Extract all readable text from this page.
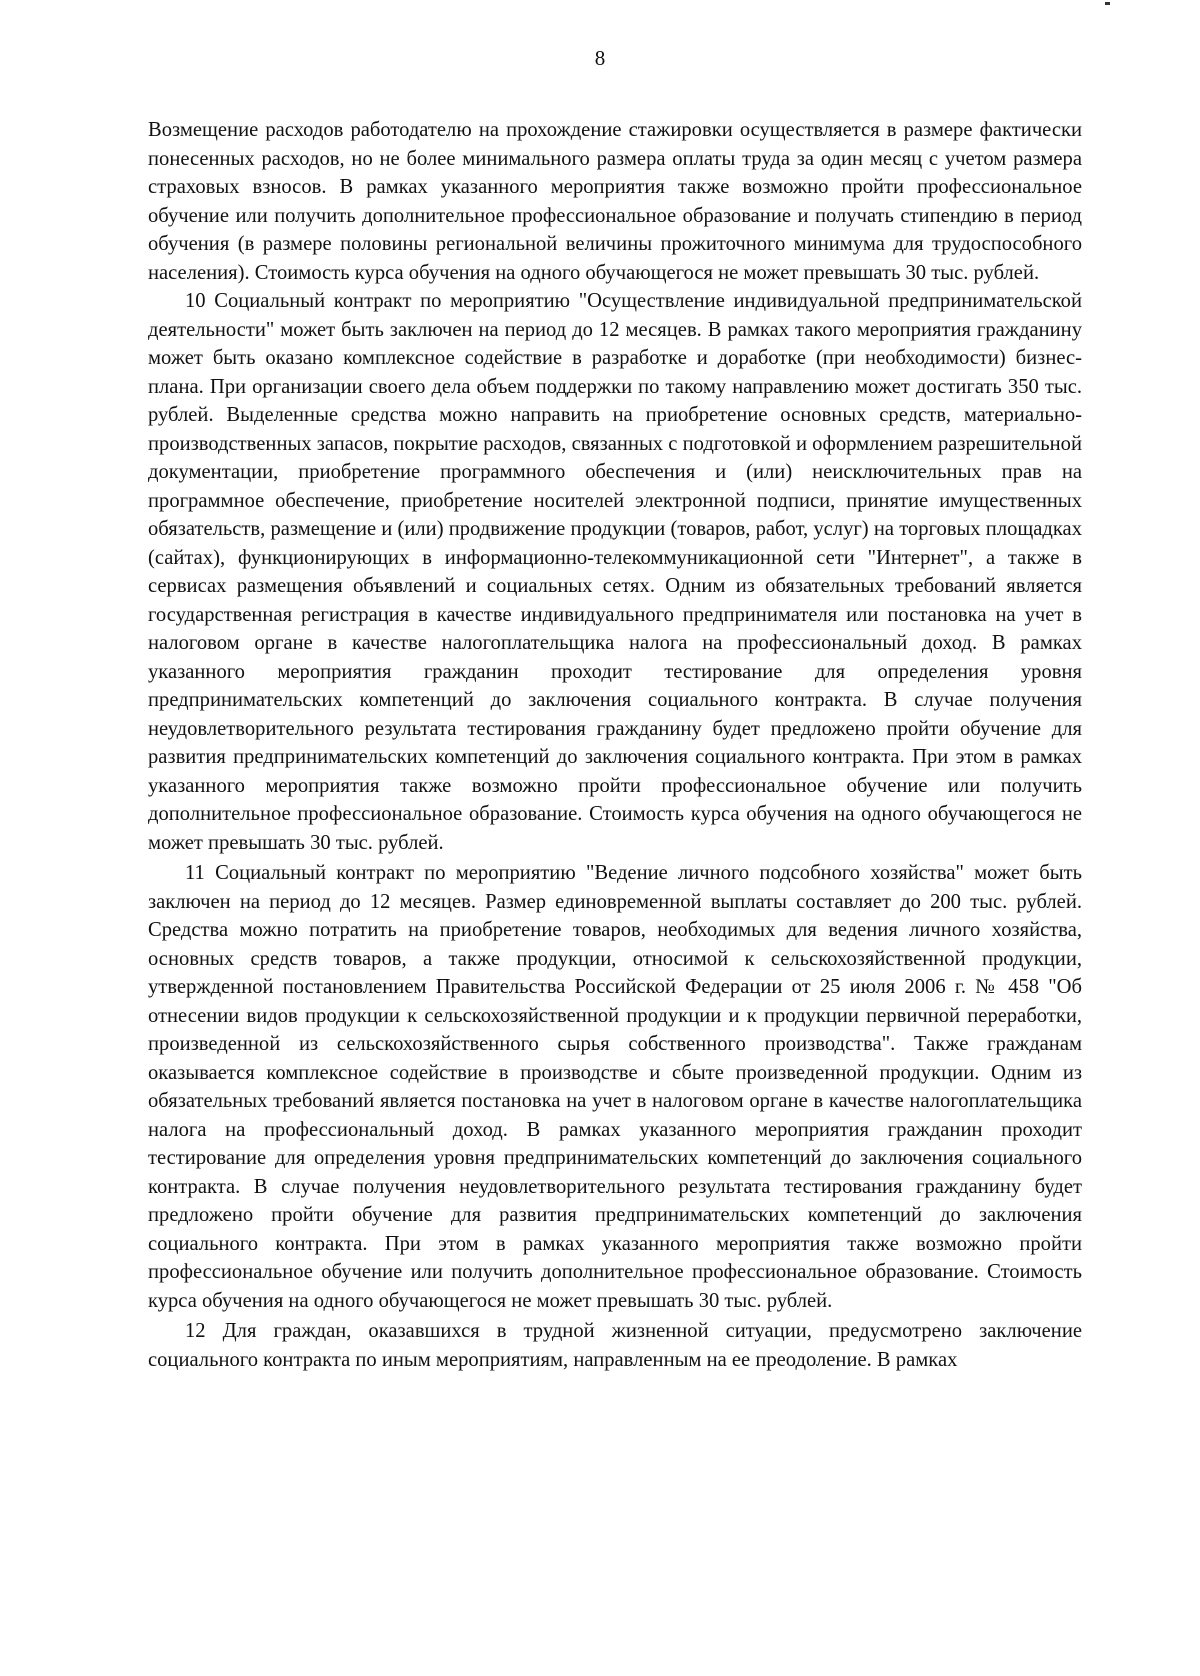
8

Возмещение расходов работодателю на прохождение стажировки осуществляется в размере фактически понесенных расходов, но не более минимального размера оплаты труда за один месяц с учетом размера страховых взносов. В рамках указанного мероприятия также возможно пройти профессиональное обучение или получить дополнительное профессиональное образование и получать стипендию в период обучения (в размере половины региональной величины прожиточного минимума для трудоспособного населения). Стоимость курса обучения на одного обучающегося не может превышать 30 тыс. рублей.

10 Социальный контракт по мероприятию "Осуществление индивидуальной предпринимательской деятельности" может быть заключен на период до 12 месяцев. В рамках такого мероприятия гражданину может быть оказано комплексное содействие в разработке и доработке (при необходимости) бизнес-плана. При организации своего дела объем поддержки по такому направлению может достигать 350 тыс. рублей. Выделенные средства можно направить на приобретение основных средств, материально-производственных запасов, покрытие расходов, связанных с подготовкой и оформлением разрешительной документации, приобретение программного обеспечения и (или) неисключительных прав на программное обеспечение, приобретение носителей электронной подписи, принятие имущественных обязательств, размещение и (или) продвижение продукции (товаров, работ, услуг) на торговых площадках (сайтах), функционирующих в информационно-телекоммуникационной сети "Интернет", а также в сервисах размещения объявлений и социальных сетях. Одним из обязательных требований является государственная регистрация в качестве индивидуального предпринимателя или постановка на учет в налоговом органе в качестве налогоплательщика налога на профессиональный доход. В рамках указанного мероприятия гражданин проходит тестирование для определения уровня предпринимательских компетенций до заключения социального контракта. В случае получения неудовлетворительного результата тестирования гражданину будет предложено пройти обучение для развития предпринимательских компетенций до заключения социального контракта. При этом в рамках указанного мероприятия также возможно пройти профессиональное обучение или получить дополнительное профессиональное образование. Стоимость курса обучения на одного обучающегося не может превышать 30 тыс. рублей.

11 Социальный контракт по мероприятию "Ведение личного подсобного хозяйства" может быть заключен на период до 12 месяцев. Размер единовременной выплаты составляет до 200 тыс. рублей. Средства можно потратить на приобретение товаров, необходимых для ведения личного хозяйства, основных средств товаров, а также продукции, относимой к сельскохозяйственной продукции, утвержденной постановлением Правительства Российской Федерации от 25 июля 2006 г. № 458 "Об отнесении видов продукции к сельскохозяйственной продукции и к продукции первичной переработки, произведенной из сельскохозяйственного сырья собственного производства". Также гражданам оказывается комплексное содействие в производстве и сбыте произведенной продукции. Одним из обязательных требований является постановка на учет в налоговом органе в качестве налогоплательщика налога на профессиональный доход. В рамках указанного мероприятия гражданин проходит тестирование для определения уровня предпринимательских компетенций до заключения социального контракта. В случае получения неудовлетворительного результата тестирования гражданину будет предложено пройти обучение для развития предпринимательских компетенций до заключения социального контракта. При этом в рамках указанного мероприятия также возможно пройти профессиональное обучение или получить дополнительное профессиональное образование. Стоимость курса обучения на одного обучающегося не может превышать 30 тыс. рублей.

12 Для граждан, оказавшихся в трудной жизненной ситуации, предусмотрено заключение социального контракта по иным мероприятиям, направленным на ее преодоление. В рамках
